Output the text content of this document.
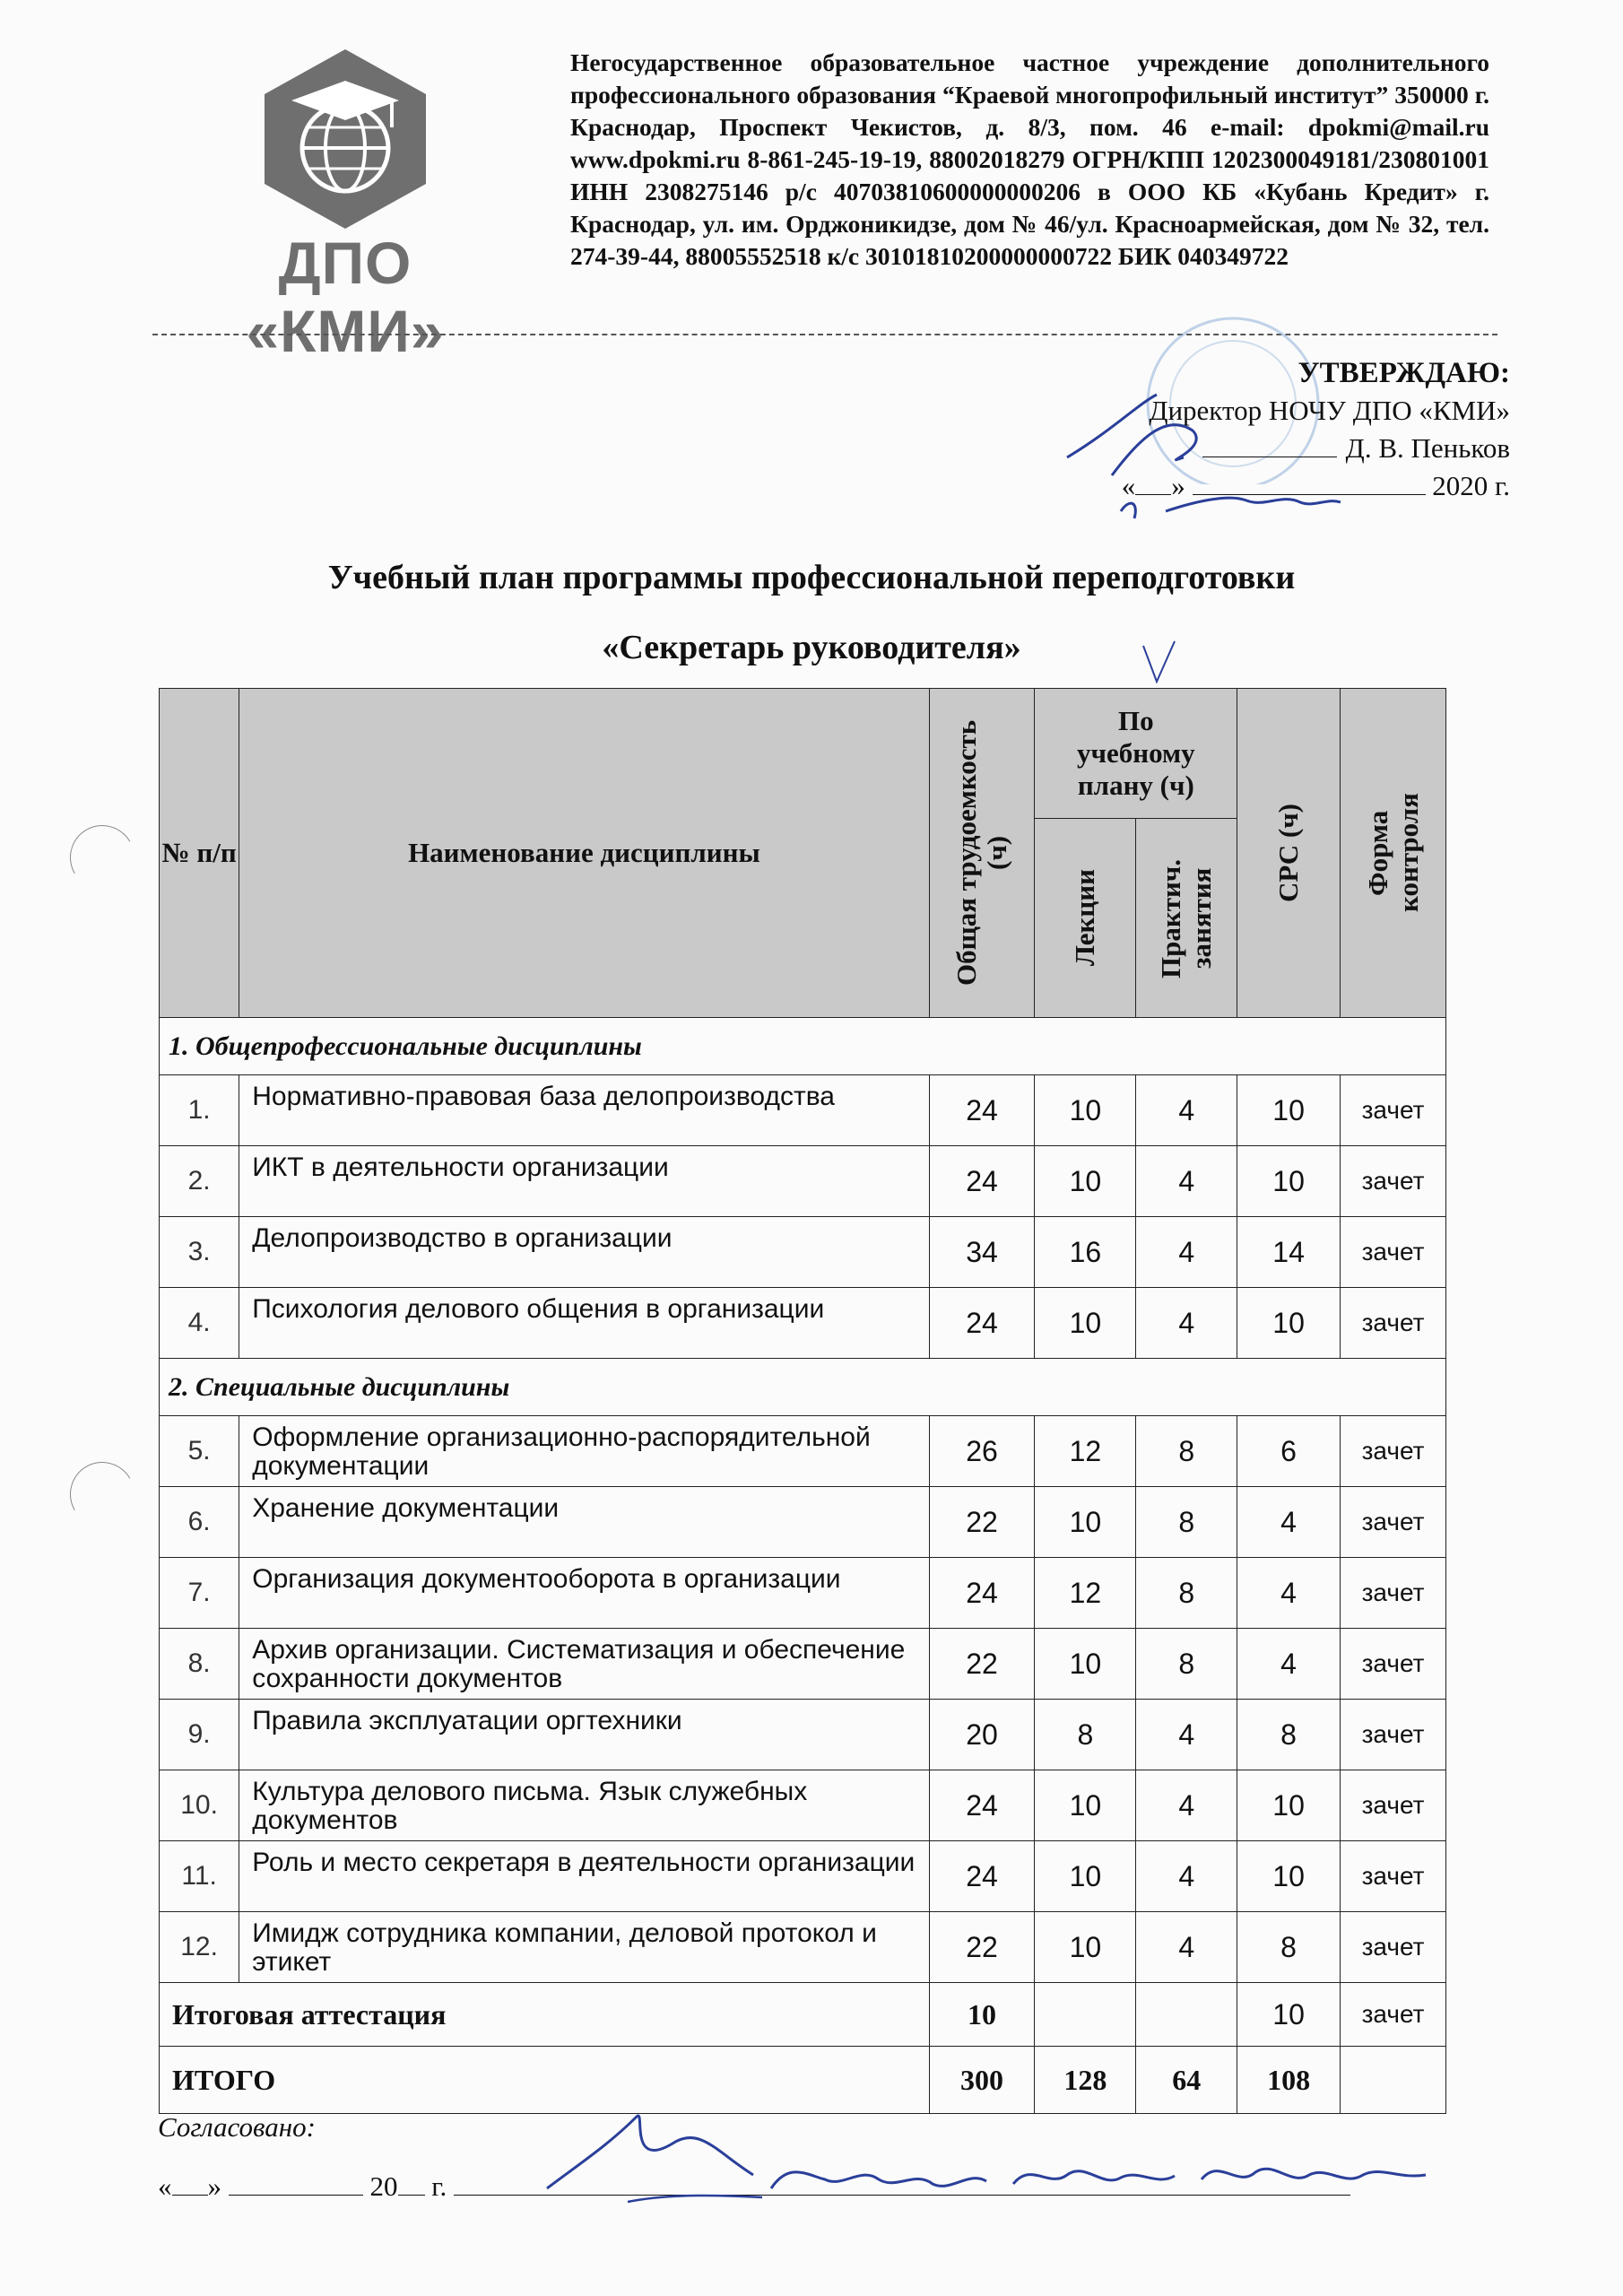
ДПО «КМИ»
Негосударственное образовательное частное учреждение дополнительного профессионального образования “Краевой многопрофильный институт” 350000 г. Краснодар, Проспект Чекистов, д. 8/3, пом. 46 e-mail: dpokmi@mail.ru www.dpokmi.ru 8-861-245-19-19, 88002018279 ОГРН/КПП 1202300049181/230801001 ИНН 2308275146 р/с 40703810600000000206 в ООО КБ «Кубань Кредит» г. Краснодар, ул. им. Орджоникидзе, дом № 46/ул. Красноармейская, дом № 32, тел. 274-39-44, 88005552518 к/с 30101810200000000722 БИК 040349722
УТВЕРЖДАЮ:
Директор НОЧУ ДПО «КМИ»
Д. В. Пеньков
« »	2020 г.
Учебный план программы профессиональной переподготовки
«Секретарь руководителя»
№ п/п	Наименование дисциплины	Общая трудоемкость (ч)	По учебному плану (ч)		СРС (ч)	Форма контроля

			Лекции	Практич. занятия		

1. Общепрофессиональные дисциплины						
1.	Нормативно-правовая база делопроизводства	24	10	4	10	зачет
2.	ИКТ в деятельности организации	24	10	4	10	зачет
3.	Делопроизводство в организации	34	16	4	14	зачет
4.	Психология делового общения в организации	24	10	4	10	зачет
2. Специальные дисциплины						
5.	Оформление организационно-распорядительной документации	26	12	8	6	зачет
6.	Хранение документации	22	10	8	4	зачет
7.	Организация документооборота в организации	24	12	8	4	зачет
8.	Архив организации. Систематизация и обеспечение сохранности документов	22	10	8	4	зачет
9.	Правила эксплуатации оргтехники	20	8	4	8	зачет
10.	Культура делового письма. Язык служебных документов	24	10	4	10	зачет
11.	Роль и место секретаря в деятельности организации	24	10	4	10	зачет
12.	Имидж сотрудника компании, деловой протокол и этикет	22	10	4	8	зачет
Итоговая аттестация		10			10	зачет
ИТОГО		300	128	64	108	
Согласовано:
« »	20 г.
